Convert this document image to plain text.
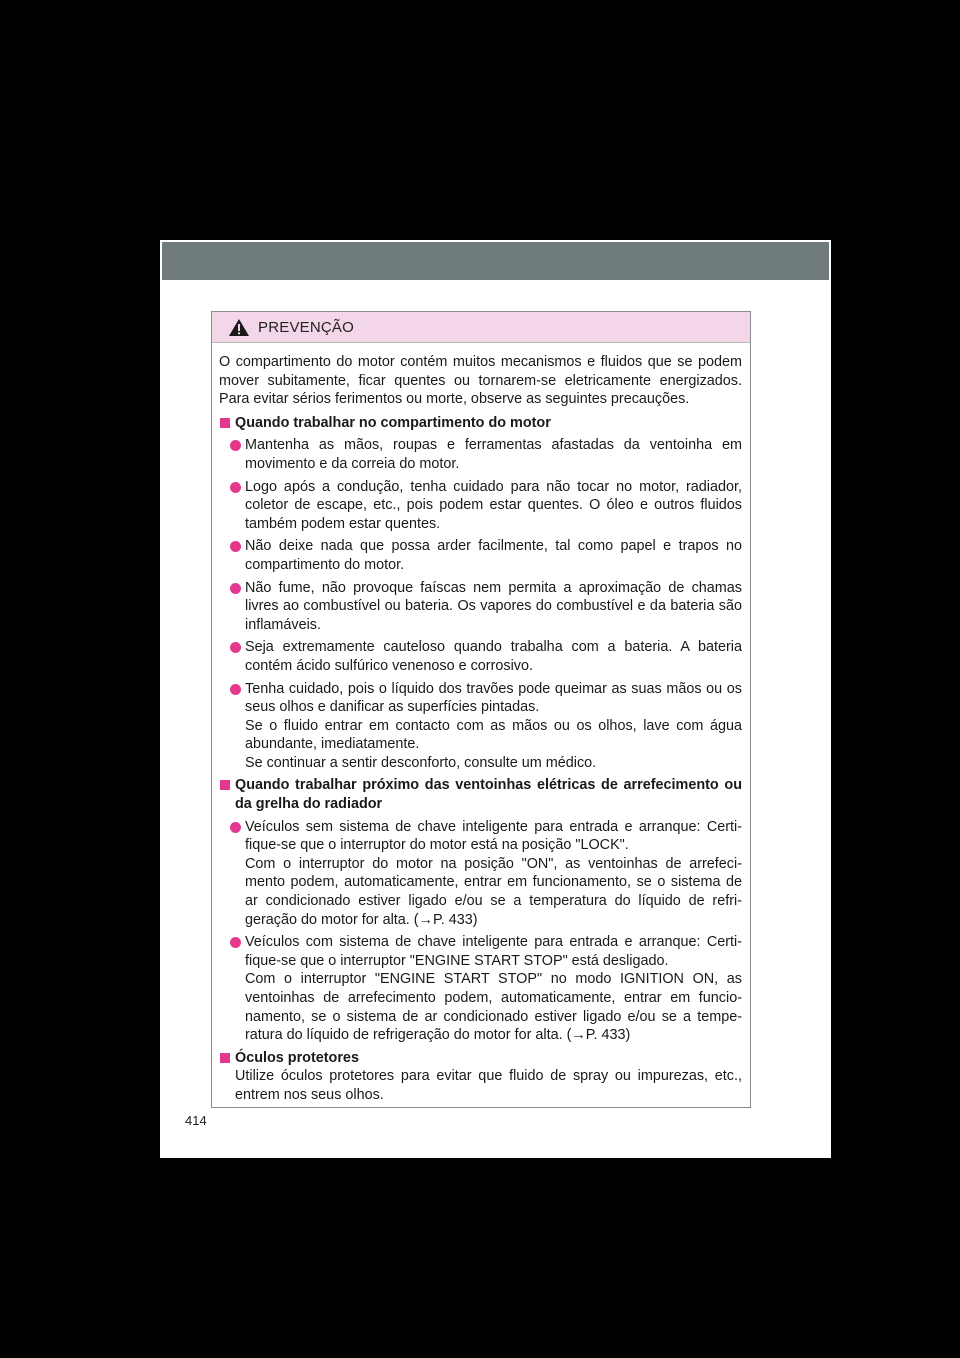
PREVENÇÃO

O compartimento do motor contém muitos mecanismos e fluidos que se podem mover subitamente, ficar quentes ou tornarem-se eletricamente energizados. Para evitar sérios ferimentos ou morte, observe as seguintes precauções.

Quando trabalhar no compartimento do motor
Mantenha as mãos, roupas e ferramentas afastadas da ventoinha em movimento e da correia do motor.
Logo após a condução, tenha cuidado para não tocar no motor, radiador, coletor de escape, etc., pois podem estar quentes. O óleo e outros fluidos também podem estar quentes.
Não deixe nada que possa arder facilmente, tal como papel e trapos no compartimento do motor.
Não fume, não provoque faíscas nem permita a aproximação de chamas livres ao combustível ou bateria. Os vapores do combustível e da bateria são inflamáveis.
Seja extremamente cauteloso quando trabalha com a bateria. A bateria contém ácido sulfúrico venenoso e corrosivo.
Tenha cuidado, pois o líquido dos travões pode queimar as suas mãos ou os seus olhos e danificar as superfícies pintadas.
Se o fluido entrar em contacto com as mãos ou os olhos, lave com água abundante, imediatamente.
Se continuar a sentir desconforto, consulte um médico.
Quando trabalhar próximo das ventoinhas elétricas de arrefecimento ou da grelha do radiador
Veículos sem sistema de chave inteligente para entrada e arranque: Certi- fique-se que o interruptor do motor está na posição "LOCK".
Com o interruptor do motor na posição "ON", as ventoinhas de arrefeci- mento podem, automaticamente, entrar em funcionamento, se o sistema de ar condicionado estiver ligado e/ou se a temperatura do líquido de refri- geração do motor for alta. (→P. 433)
Veículos com sistema de chave inteligente para entrada e arranque: Certi- fique-se que o interruptor "ENGINE START STOP" está desligado.
Com o interruptor "ENGINE START STOP" no modo IGNITION ON, as ventoinhas de arrefecimento podem, automaticamente, entrar em funcio- namento, se o sistema de ar condicionado estiver ligado e/ou se a tempe- ratura do líquido de refrigeração do motor for alta. (→P. 433)
Óculos protetores
Utilize óculos protetores para evitar que fluido de spray ou impurezas, etc., entrem nos seus olhos.
414
